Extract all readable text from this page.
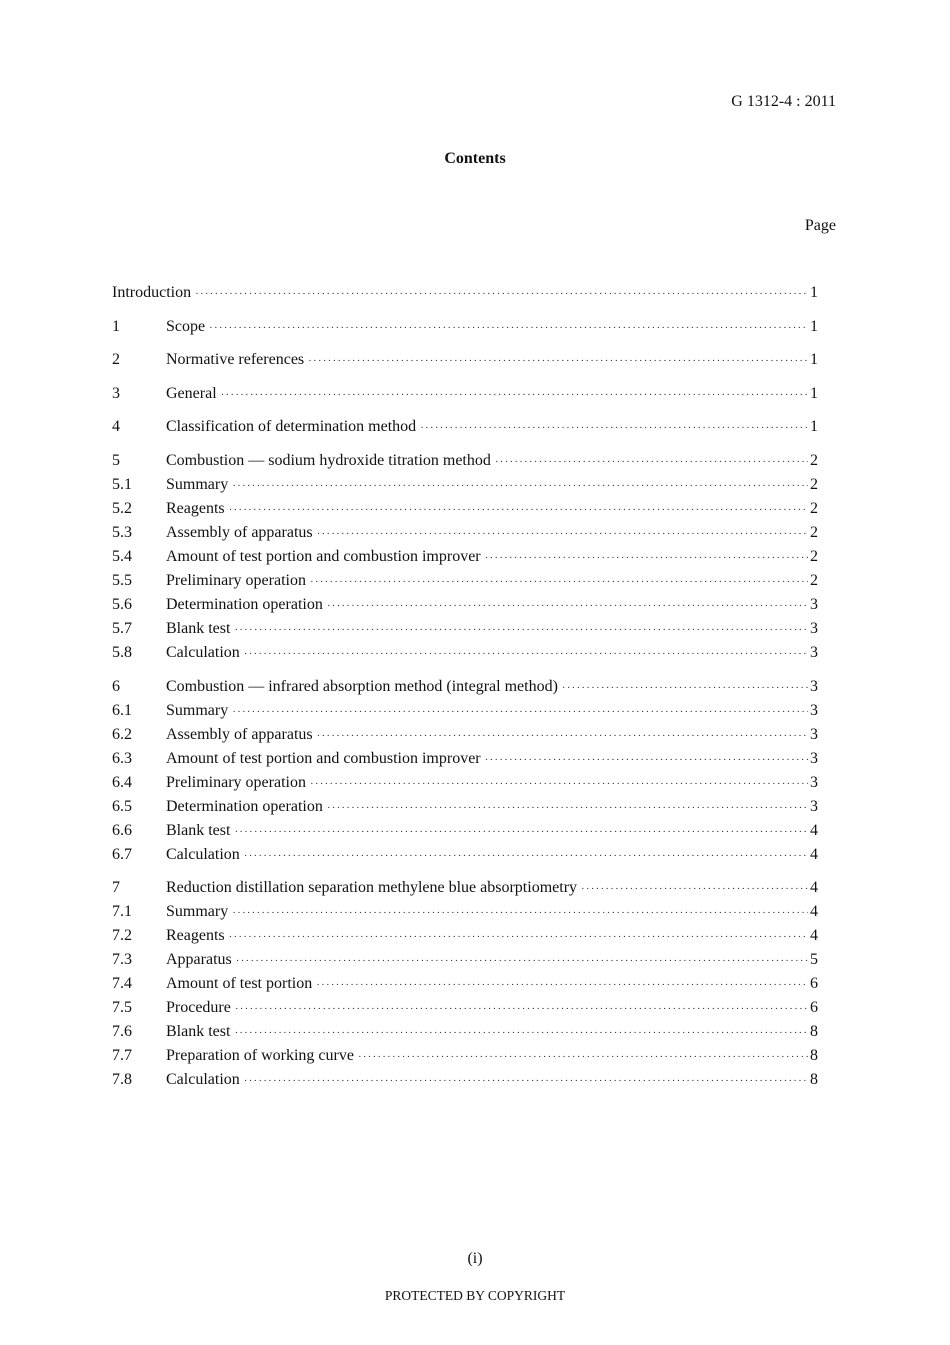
G 1312-4 : 2011
Contents
Page
Introduction ·····	1
1	Scope ·····	1
2	Normative references ·····	1
3	General ·····	1
4	Classification of determination method ·····	1
5	Combustion — sodium hydroxide titration method ·····	2
5.1	Summary ·····	2
5.2	Reagents ·····	2
5.3	Assembly of apparatus ·····	2
5.4	Amount of test portion and combustion improver ·····	2
5.5	Preliminary operation ·····	2
5.6	Determination operation ·····	3
5.7	Blank test ·····	3
5.8	Calculation ·····	3
6	Combustion — infrared absorption method (integral method) ·····	3
6.1	Summary ·····	3
6.2	Assembly of apparatus ·····	3
6.3	Amount of test portion and combustion improver ·····	3
6.4	Preliminary operation ·····	3
6.5	Determination operation ·····	3
6.6	Blank test ·····	4
6.7	Calculation ·····	4
7	Reduction distillation separation methylene blue absorptiometry ·····	4
7.1	Summary ·····	4
7.2	Reagents ·····	4
7.3	Apparatus ·····	5
7.4	Amount of test portion ·····	6
7.5	Procedure ·····	6
7.6	Blank test ·····	8
7.7	Preparation of working curve ·····	8
7.8	Calculation ·····	8
(i)
PROTECTED BY COPYRIGHT
